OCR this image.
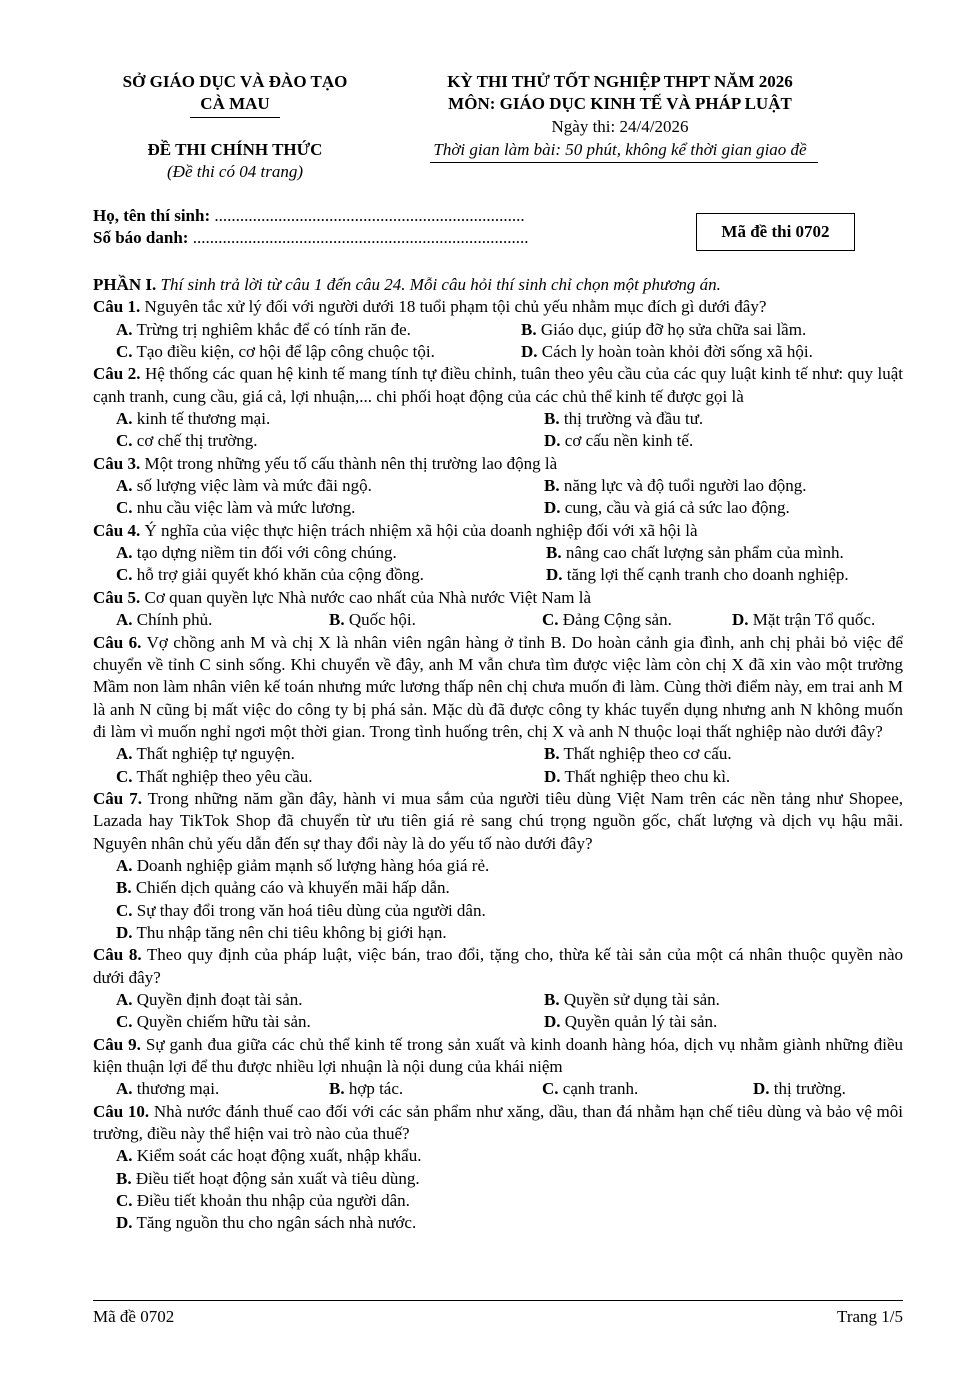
SỞ GIÁO DỤC VÀ ĐÀO TẠO
CÀ MAU
ĐỀ THI CHÍNH THỨC
(Đề thi có 04 trang)
KỲ THI THỬ TỐT NGHIỆP THPT NĂM 2026
MÔN: GIÁO DỤC KINH TẾ VÀ PHÁP LUẬT
Ngày thi: 24/4/2026
Thời gian làm bài: 50 phút, không kể thời gian giao đề
Họ, tên thí sinh: .........................................................................
Số báo danh: ...............................................................................	Mã đề thi 0702

PHẦN I. Thí sinh trả lời từ câu 1 đến câu 24. Mỗi câu hỏi thí sinh chỉ chọn một phương án.

Câu 1. Nguyên tắc xử lý đối với người dưới 18 tuổi phạm tội chủ yếu nhằm mục đích gì dưới đây?

A. Trừng trị nghiêm khắc để có tính răn đe.	B. Giáo dục, giúp đỡ họ sửa chữa sai lầm.
C. Tạo điều kiện, cơ hội để lập công chuộc tội.	D. Cách ly hoàn toàn khỏi đời sống xã hội.

Câu 2. Hệ thống các quan hệ kinh tế mang tính tự điều chỉnh, tuân theo yêu cầu của các quy luật kinh tế như: quy luật cạnh tranh, cung cầu, giá cả, lợi nhuận,... chi phối hoạt động của các chủ thể kinh tế được gọi là

A. kinh tế thương mại.	B. thị trường và đầu tư.
C. cơ chế thị trường.	D. cơ cấu nền kinh tế.

Câu 3. Một trong những yếu tố cấu thành nên thị trường lao động là

A. số lượng việc làm và mức đãi ngộ.	B. năng lực và độ tuổi người lao động.
C. nhu cầu việc làm và mức lương.	D. cung, cầu và giá cả sức lao động.

Câu 4. Ý nghĩa của việc thực hiện trách nhiệm xã hội của doanh nghiệp đối với xã hội là

A. tạo dựng niềm tin đối với công chúng.	B. nâng cao chất lượng sản phẩm của mình.
C. hỗ trợ giải quyết khó khăn của cộng đồng.	D. tăng lợi thế cạnh tranh cho doanh nghiệp.

Câu 5. Cơ quan quyền lực Nhà nước cao nhất của Nhà nước Việt Nam là

A. Chính phủ.	B. Quốc hội.	C. Đảng Cộng sản.	D. Mặt trận Tổ quốc.

Câu 6. Vợ chồng anh M và chị X là nhân viên ngân hàng ở tỉnh B. Do hoàn cảnh gia đình, anh chị phải bỏ việc để chuyển về tỉnh C sinh sống. Khi chuyển về đây, anh M vẫn chưa tìm được việc làm còn chị X đã xin vào một trường Mầm non làm nhân viên kế toán nhưng mức lương thấp nên chị chưa muốn đi làm. Cùng thời điểm này, em trai anh M là anh N cũng bị mất việc do công ty bị phá sản. Mặc dù đã được công ty khác tuyển dụng nhưng anh N không muốn đi làm vì muốn nghỉ ngơi một thời gian. Trong tình huống trên, chị X và anh N thuộc loại thất nghiệp nào dưới đây?

A. Thất nghiệp tự nguyện.	B. Thất nghiệp theo cơ cấu.
C. Thất nghiệp theo yêu cầu.	D. Thất nghiệp theo chu kì.

Câu 7. Trong những năm gần đây, hành vi mua sắm của người tiêu dùng Việt Nam trên các nền tảng như Shopee, Lazada hay TikTok Shop đã chuyển từ ưu tiên giá rẻ sang chú trọng nguồn gốc, chất lượng và dịch vụ hậu mãi. Nguyên nhân chủ yếu dẫn đến sự thay đổi này là do yếu tố nào dưới đây?

A. Doanh nghiệp giảm mạnh số lượng hàng hóa giá rẻ.
B. Chiến dịch quảng cáo và khuyến mãi hấp dẫn.
C. Sự thay đổi trong văn hoá tiêu dùng của người dân.
D. Thu nhập tăng nên chi tiêu không bị giới hạn.

Câu 8. Theo quy định của pháp luật, việc bán, trao đổi, tặng cho, thừa kế tài sản của một cá nhân thuộc quyền nào dưới đây?

A. Quyền định đoạt tài sản.	B. Quyền sử dụng tài sản.
C. Quyền chiếm hữu tài sản.	D. Quyền quản lý tài sản.

Câu 9. Sự ganh đua giữa các chủ thể kinh tế trong sản xuất và kinh doanh hàng hóa, dịch vụ nhằm giành những điều kiện thuận lợi để thu được nhiều lợi nhuận là nội dung của khái niệm

A. thương mại.	B. hợp tác.	C. cạnh tranh.	D. thị trường.

Câu 10. Nhà nước đánh thuế cao đối với các sản phẩm như xăng, dầu, than đá nhằm hạn chế tiêu dùng và bảo vệ môi trường, điều này thể hiện vai trò nào của thuế?

A. Kiểm soát các hoạt động xuất, nhập khẩu.
B. Điều tiết hoạt động sản xuất và tiêu dùng.
C. Điều tiết khoản thu nhập của người dân.
D. Tăng nguồn thu cho ngân sách nhà nước.
Mã đề 0702	Trang 1/5
